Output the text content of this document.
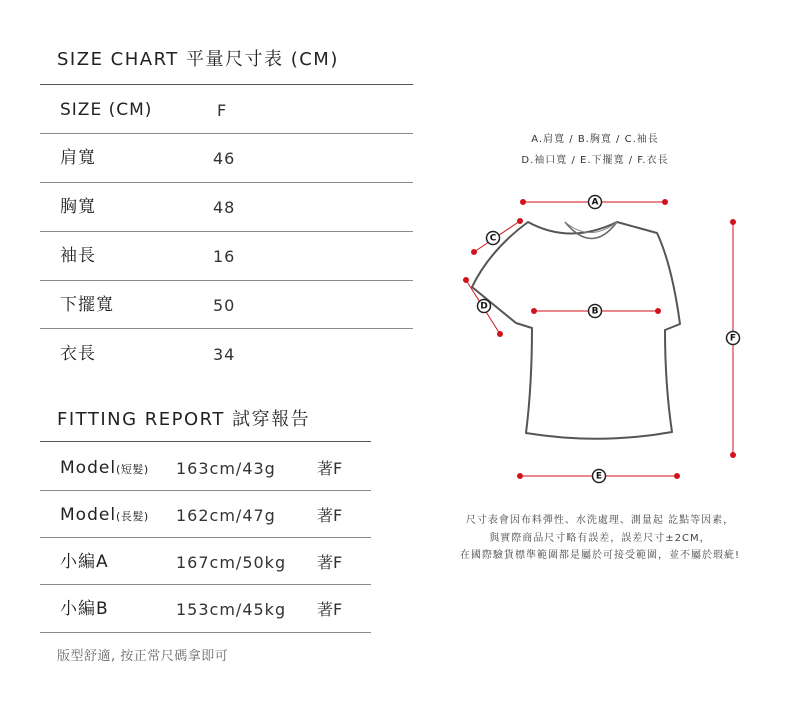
SIZE CHART 平量尺寸表 (CM)
SIZE (CM)	F
肩寬	46
胸寬	48
袖長	16
下擺寬	50
衣長	34
FITTING REPORT 試穿報告
Model(短髮) 163cm/43g	著F
Model(長髮) 162cm/47g	著F
小編A	167cm/50kg 著F
小編B	153cm/45kg 著F
版型舒適, 按正常尺碼拿即可
A.肩寬 / B.胸寬 / C.袖長
D.袖口寬 / E.下擺寬 / F.衣長
A
C
D	B
E
F
尺寸表會因布料彈性、水洗處理、測量起 訖點等因素，
與實際商品尺寸略有誤差，誤差尺寸±2CM，
在國際驗貨標準範圍都是屬於可接受範圍，並不屬於瑕疵!
